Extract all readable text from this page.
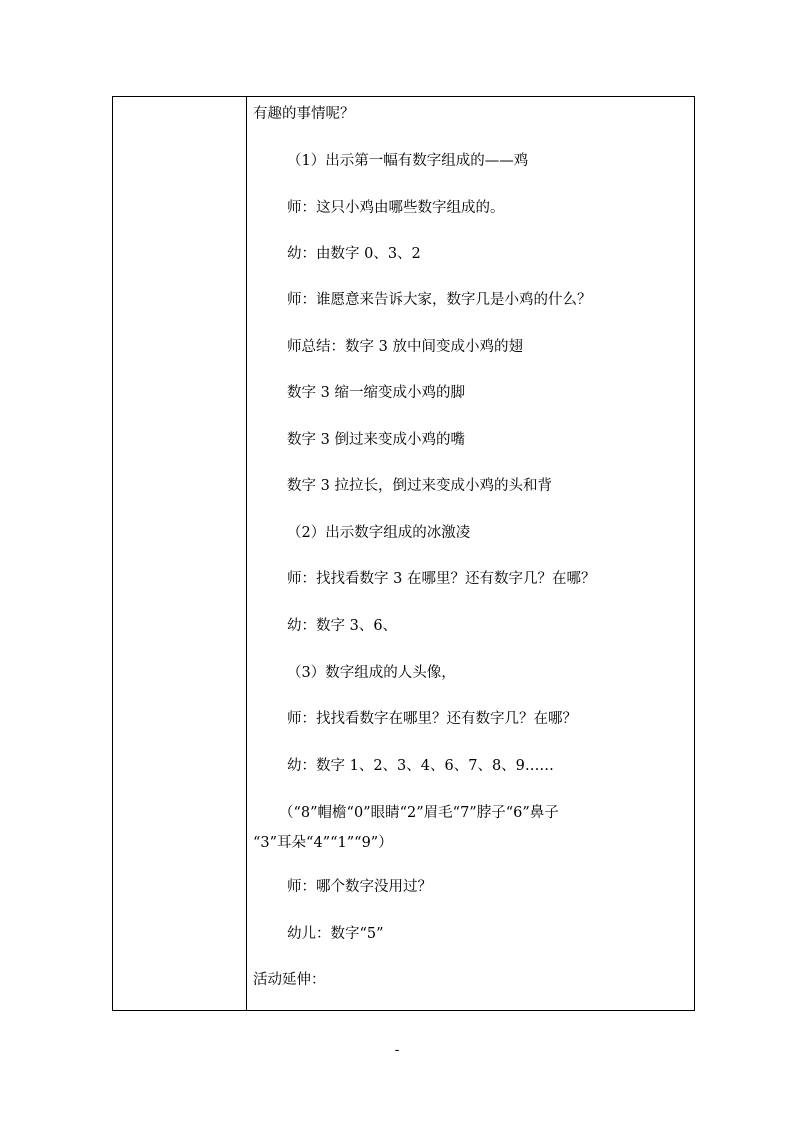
有趣的事情呢？
（1）出示第一幅有数字组成的——鸡
师：这只小鸡由哪些数字组成的。
幼：由数字 0、3、2
师：谁愿意来告诉大家，数字几是小鸡的什么？
师总结：数字 3 放中间变成小鸡的翅
数字 3 缩一缩变成小鸡的脚
数字 3 倒过来变成小鸡的嘴
数字 3 拉拉长，倒过来变成小鸡的头和背
（2）出示数字组成的冰激凌
师：找找看数字 3 在哪里？还有数字几？在哪？
幼：数字 3、6、
（3）数字组成的人头像，
师：找找看数字在哪里？还有数字几？在哪？
幼：数字 1、2、3、4、6、7、8、9……
（“8”帽檐“0”眼睛“2”眉毛“7”脖子“6”鼻子
“3”耳朵“4”“1”“9”）
师：哪个数字没用过？
幼儿：数字“5”
活动延伸：
-
